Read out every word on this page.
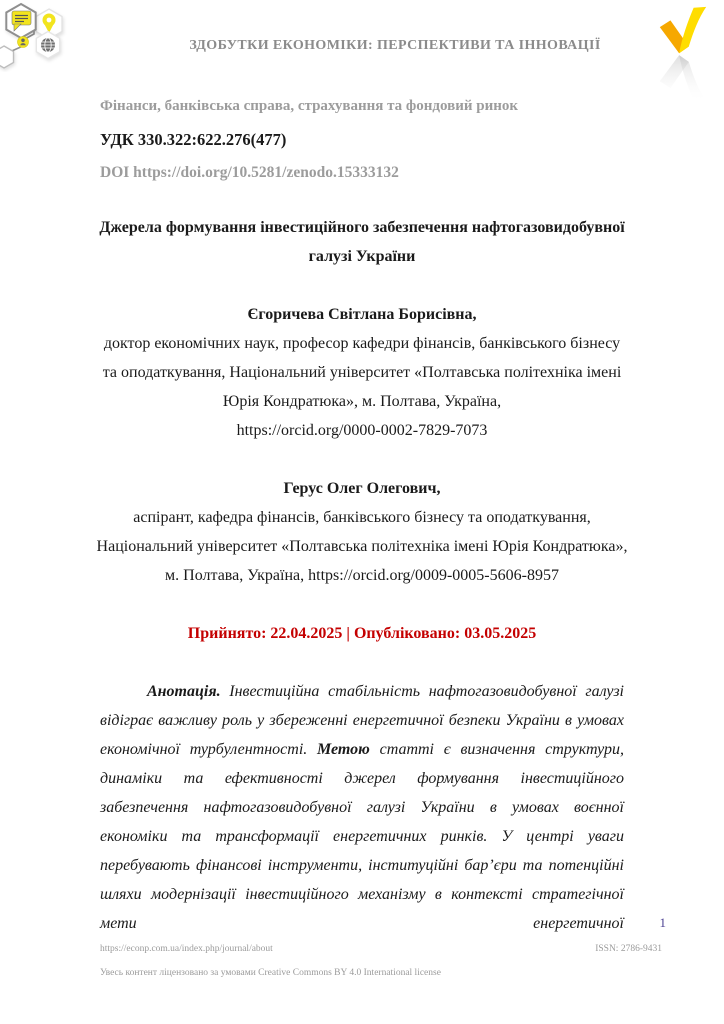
ЗДОБУТКИ ЕКОНОМІКИ: ПЕРСПЕКТИВИ ТА ІННОВАЦІЇ
Фінанси, банківська справа, страхування та фондовий ринок
УДК 330.322:622.276(477)
DOI https://doi.org/10.5281/zenodo.15333132
Джерела формування інвестиційного забезпечення нафтогазовидобувної
галузі України
Єгоричева Світлана Борисівна,
доктор економічних наук, професор кафедри фінансів, банківського бізнесу
та оподаткування, Національний університет «Полтавська політехніка імені
Юрія Кондратюка», м. Полтава, Україна,
https://orcid.org/0000-0002-7829-7073
Герус Олег Олегович,
аспірант, кафедра фінансів, банківського бізнесу та оподаткування,
Національний університет «Полтавська політехніка імені Юрія Кондратюка»,
м. Полтава, Україна, https://orcid.org/0009-0005-5606-8957
Прийнято: 22.04.2025 | Опубліковано: 03.05.2025

Анотація. Інвестиційна стабільність нафтогазовидобувної галузі відіграє важливу роль у збереженні енергетичної безпеки України в умовах економічної турбулентності. Метою статті є визначення структури, динаміки та ефективності джерел формування інвестиційного забезпечення нафтогазовидобувної галузі України в умовах воєнної економіки та трансформації енергетичних ринків. У центрі уваги перебувають фінансові інструменти, інституційні бар’єри та потенційні шляхи модернізації інвестиційного механізму в контексті стратегічної мети енергетичної	1
https://econp.com.ua/index.php/journal/about	ISSN: 2786-9431
Увесь контент ліцензовано за умовами Creative Commons BY 4.0 International license
